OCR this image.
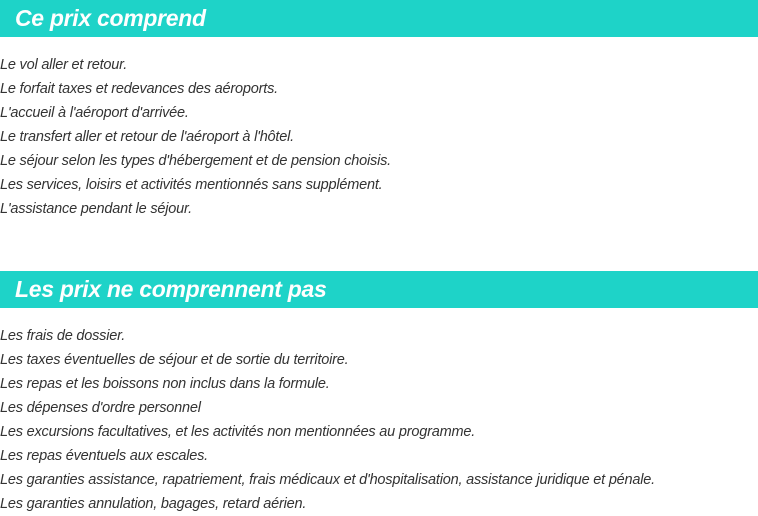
Ce prix comprend
Le vol aller et retour.
Le forfait taxes et redevances des aéroports.
L'accueil à l'aéroport d'arrivée.
Le transfert aller et retour de l'aéroport à l'hôtel.
Le séjour selon les types d'hébergement et de pension choisis.
Les services, loisirs et activités mentionnés sans supplément.
L'assistance pendant le séjour.
Les prix ne comprennent pas
Les frais de dossier.
Les taxes éventuelles de séjour et de sortie du territoire.
Les repas et les boissons non inclus dans la formule.
Les dépenses d'ordre personnel
Les excursions facultatives, et les activités non mentionnées au programme.
Les repas éventuels aux escales.
Les garanties assistance, rapatriement, frais médicaux et d'hospitalisation, assistance juridique et pénale.
Les garanties annulation, bagages, retard aérien.
